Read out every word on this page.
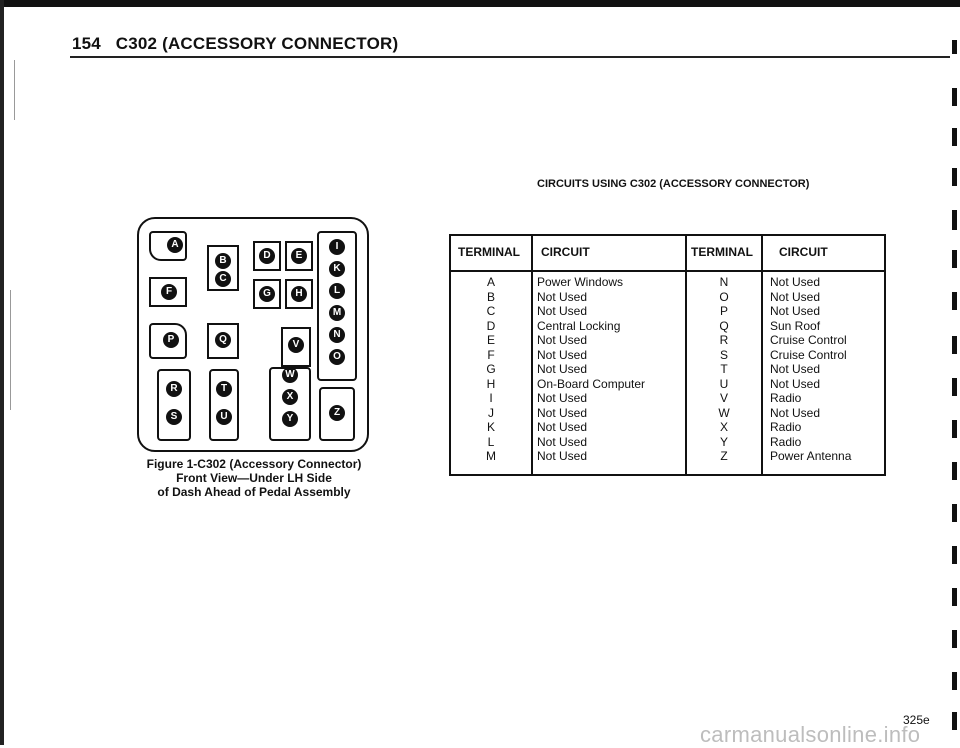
154   C302 (ACCESSORY CONNECTOR)
A
B
C
D	E
F	G	H
I
K
L
M
N
O
P	Q
R
S
T
U
V
W
X
Y
Z
Figure 1-C302 (Accessory Connector)
Front View—Under LH Side
of Dash Ahead of Pedal Assembly
CIRCUITS USING C302 (ACCESSORY CONNECTOR)
TERMINAL CIRCUIT	TERMINAL CIRCUIT
A	Power Windows	N	Not Used
B	Not Used	O	Not Used
C	Not Used	P	Not Used
D	Central Locking	Q	Sun Roof
E	Not Used	R	Cruise Control
F	Not Used	S	Cruise Control
G	Not Used	T	Not Used
H	On-Board Computer	U	Not Used
I	Not Used	V	Radio
J	Not Used	W	Not Used
K	Not Used	X	Radio
L	Not Used	Y	Radio
M	Not Used	Z	Power Antenna
325e
carmanualsonline.info
